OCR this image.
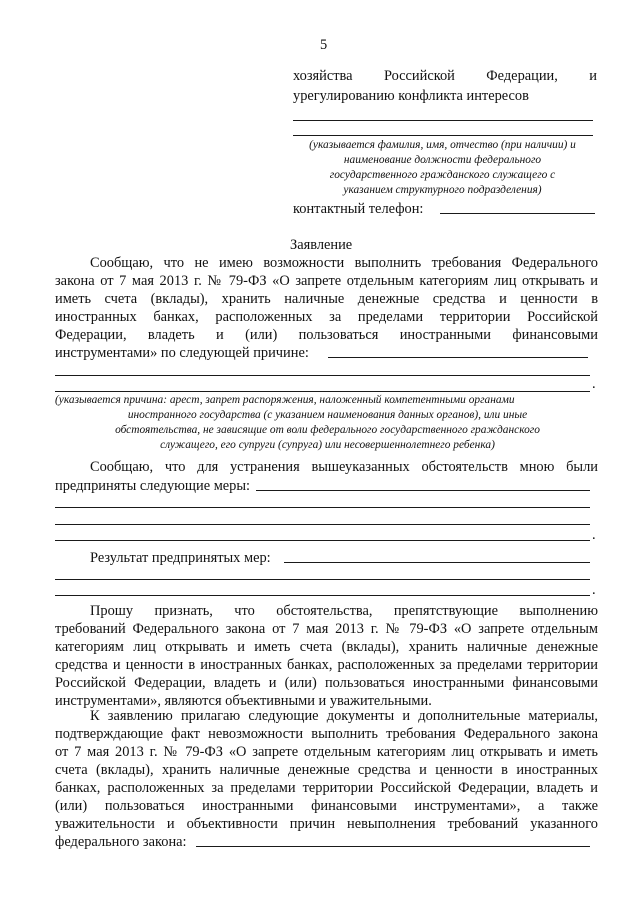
5
хозяйства Российской Федерации, и
урегулированию конфликта интересов
(указывается фамилия, имя, отчество (при наличии) и
наименование должности федерального
государственного гражданского служащего с
указанием структурного подразделения)
контактный телефон:
Заявление
Сообщаю, что не имею возможности выполнить требования Федерального
закона от 7 мая 2013 г. № 79-ФЗ «О запрете отдельным категориям лиц открывать и
иметь счета (вклады), хранить наличные денежные средства и ценности в
иностранных банках, расположенных за пределами территории Российской
Федерации, владеть и (или) пользоваться иностранными финансовыми
инструментами» по следующей причине:
.
(указывается причина: арест, запрет распоряжения, наложенный компетентными органами
иностранного государства (с указанием наименования данных органов), или иные
обстоятельства, не зависящие от воли федерального государственного гражданского
служащего, его супруги (супруга) или несовершеннолетнего ребенка)
Сообщаю, что для устранения вышеуказанных обстоятельств мною были
предприняты следующие меры:
.
Результат предпринятых мер:
.
Прошу признать, что обстоятельства, препятствующие выполнению
требований Федерального закона от 7 мая 2013 г. № 79-ФЗ «О запрете отдельным
категориям лиц открывать и иметь счета (вклады), хранить наличные денежные
средства и ценности в иностранных банках, расположенных за пределами территории
Российской Федерации, владеть и (или) пользоваться иностранными финансовыми
инструментами», являются объективными и уважительными.
К заявлению прилагаю следующие документы и дополнительные материалы,
подтверждающие факт невозможности выполнить требования Федерального закона
от 7 мая 2013 г. № 79-ФЗ «О запрете отдельным категориям лиц открывать и иметь
счета (вклады), хранить наличные денежные средства и ценности в иностранных
банках, расположенных за пределами территории Российской Федерации, владеть и
(или) пользоваться иностранными финансовыми инструментами», а также
уважительности и объективности причин невыполнения требований указанного
федерального закона:
